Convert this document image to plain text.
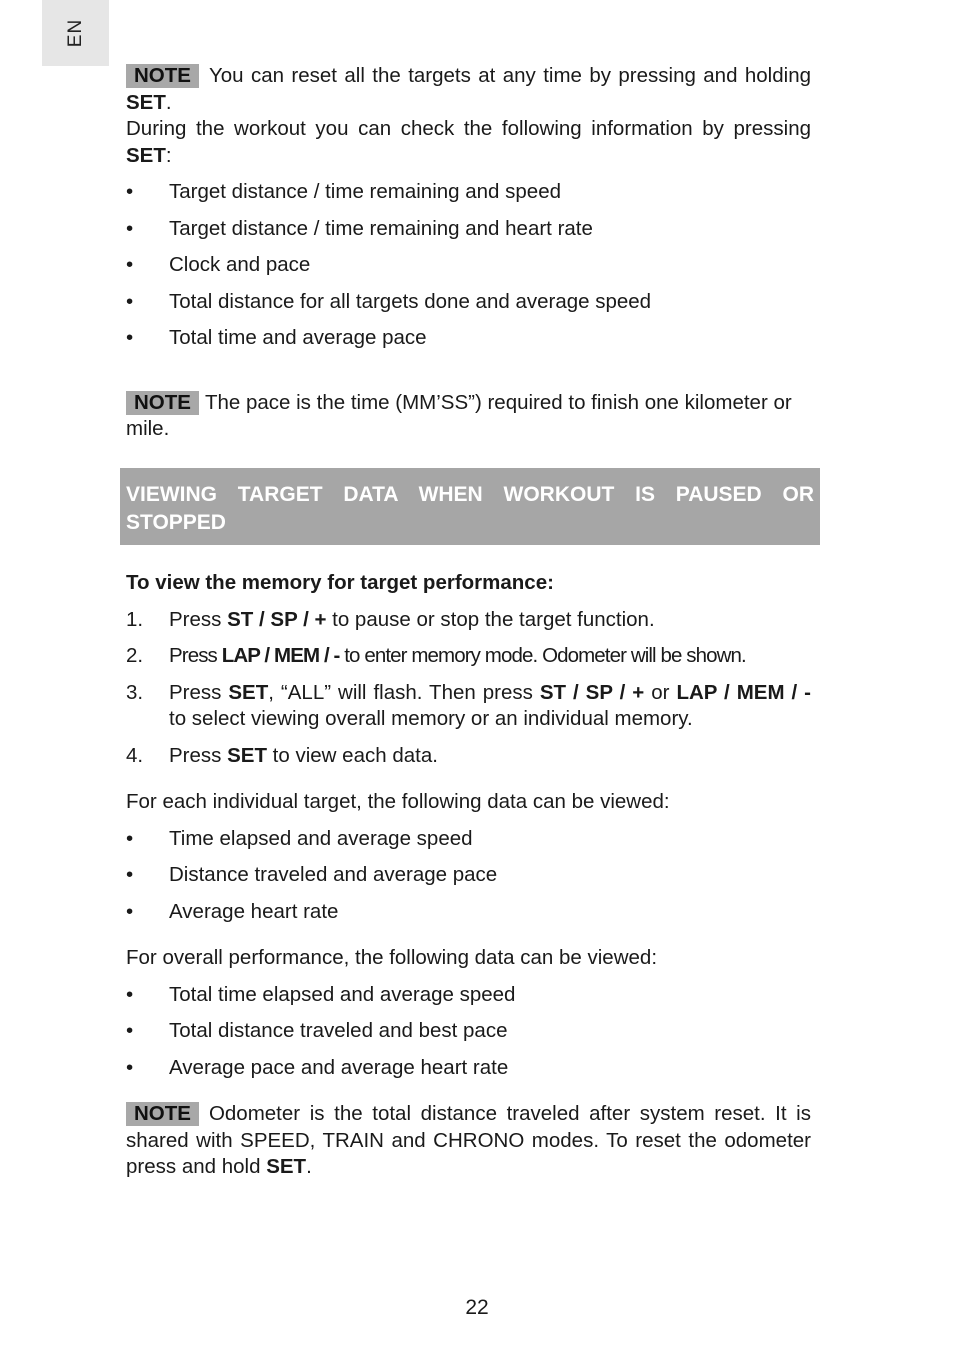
EN

NOTE You can reset all the targets at any time by pressing and holding SET.

During the workout you can check the following information by pressing SET:

• Target distance / time remaining and speed
• Target distance / time remaining and heart rate
• Clock and pace
• Total distance for all targets done and average speed
• Total time and average pace

NOTE The pace is the time (MM’SS”) required to finish one kilometer or mile.

VIEWING TARGET DATA WHEN WORKOUT IS PAUSED OR STOPPED

To view the memory for target performance:

1. Press ST / SP / + to pause or stop the target function.
2. Press LAP / MEM / - to enter memory mode. Odometer will be shown.
3. Press SET, “ALL” will flash. Then press ST / SP / + or LAP / MEM / - to select viewing overall memory or an individual memory.
4. Press SET to view each data.

For each individual target, the following data can be viewed:

• Time elapsed and average speed
• Distance traveled and average pace
• Average heart rate

For overall performance, the following data can be viewed:

• Total time elapsed and average speed
• Total distance traveled and best pace
• Average pace and average heart rate

NOTE Odometer is the total distance traveled after system reset. It is shared with SPEED, TRAIN and CHRONO modes. To reset the odometer press and hold SET.

22
